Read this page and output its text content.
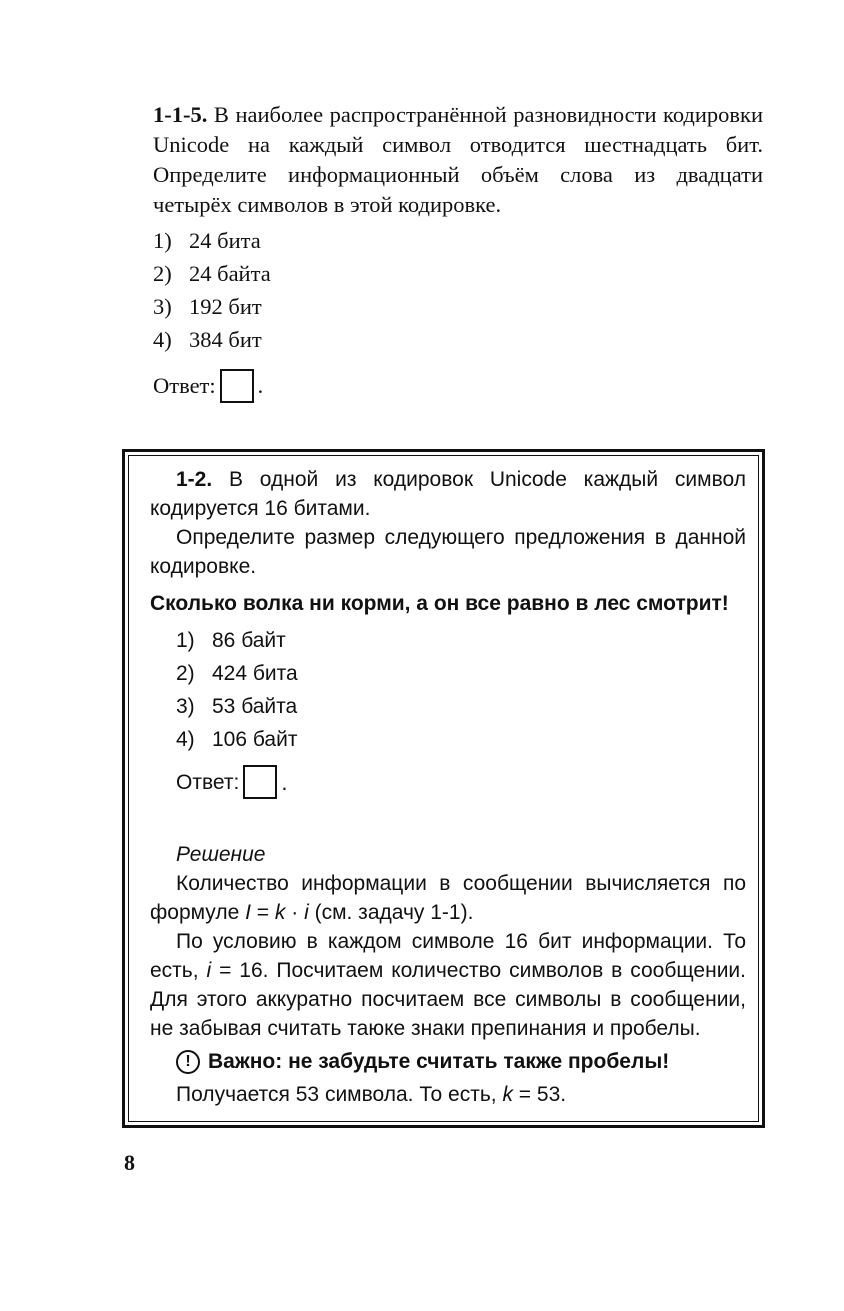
1-1-5. В наиболее распространённой разновидности кодировки Unicode на каждый символ отводится шестнадцать бит. Определите информационный объём слова из двадцати четырёх символов в этой кодировке.

1) 24 бита
2) 24 байта
3) 192 бит
4) 384 бит
Ответ: .

1-2. В одной из кодировок Unicode каждый символ кодируется 16 битами.

Определите размер следующего предложения в данной кодировке.

Сколько волка ни корми, а он все равно в лес смотрит!

1) 86 байт
2) 424 бита
3) 53 байта
4) 106 байт
Ответ: .

Решение

Количество информации в сообщении вычисляется по формуле I = k · i (см. задачу 1-1).

По условию в каждом символе 16 бит информации. То есть, i = 16. Посчитаем количество символов в сообщении. Для этого аккуратно посчитаем все символы в сообщении, не забывая считать таюке знаки препинания и пробелы.

! Важно: не забудьте считать также пробелы!

Получается 53 символа. То есть, k = 53.

8
